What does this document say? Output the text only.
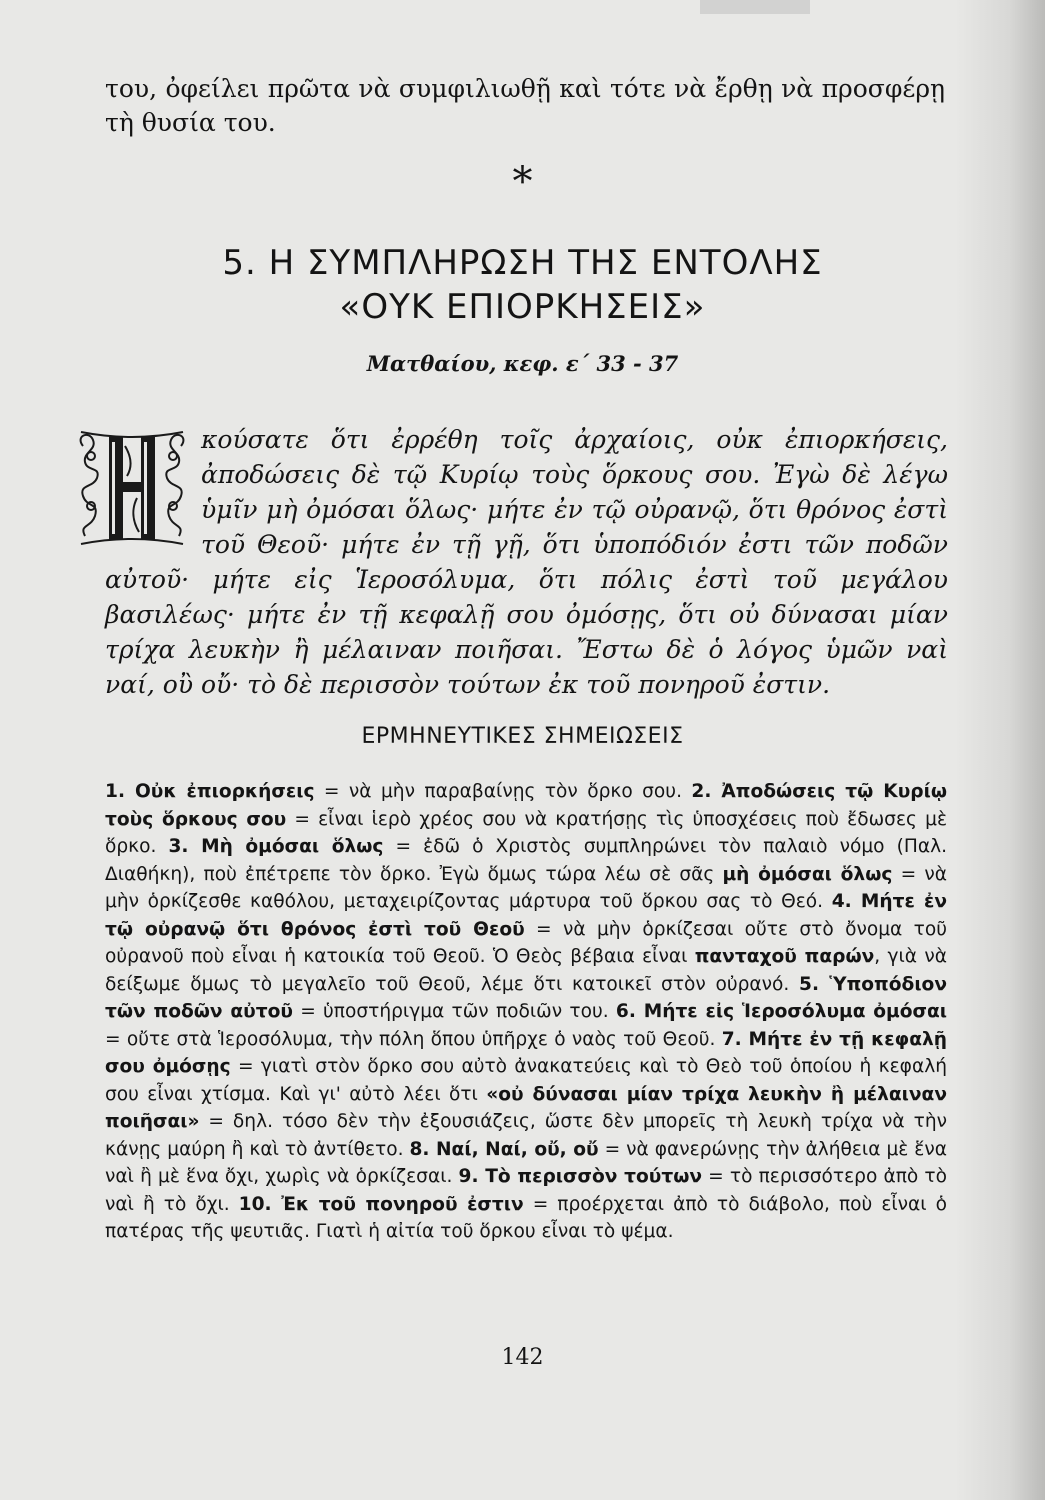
του, ὀφείλει πρῶτα νὰ συμφιλιωθῇ καὶ τότε νὰ ἔρθῃ νὰ προσφέρῃ τὴ θυσία του.

*
5. Η ΣΥΜΠΛΗΡΩΣΗ ΤΗΣ ΕΝΤΟΛΗΣ
«ΟΥΚ ΕΠΙΟΡΚΗΣΕΙΣ»
Ματθαίου, κεφ. ε΄ 33 - 37
Η
κούσατε ὅτι ἐρρέθη τοῖς ἀρχαίοις, οὐκ ἐπιορκήσεις, ἀποδώσεις δὲ τῷ Κυρίῳ τοὺς ὅρκους σου. Ἐγὼ δὲ λέγω ὑμῖν μὴ ὀμόσαι ὅλως· μήτε ἐν τῷ οὐρανῷ, ὅτι θρόνος ἐστὶ τοῦ Θεοῦ· μήτε ἐν τῇ γῇ, ὅτι ὑποπόδιόν ἐστι τῶν ποδῶν αὐτοῦ· μήτε εἰς Ἱεροσόλυμα, ὅτι πόλις ἐστὶ τοῦ μεγάλου βασιλέως· μήτε ἐν τῇ κεφαλῇ σου ὀμόσῃς, ὅτι οὐ δύνασαι μίαν τρίχα λευκὴν ἢ μέλαιναν ποιῆσαι. Ἔστω δὲ ὁ λόγος ὑμῶν ναὶ ναί, οὒ οὔ· τὸ δὲ περισσὸν τούτων ἐκ τοῦ πονηροῦ ἐστιν.
ΕΡΜΗΝΕΥΤΙΚΕΣ ΣΗΜΕΙΩΣΕΙΣ
1. Οὐκ ἐπιορκήσεις = νὰ μὴν παραβαίνῃς τὸν ὅρκο σου. 2. Ἀποδώσεις τῷ Κυρίῳ τοὺς ὅρκους σου = εἶναι ἱερὸ χρέος σου νὰ κρατήσῃς τὶς ὑποσχέσεις ποὺ ἔδωσες μὲ ὅρκο. 3. Μὴ ὀμόσαι ὅλως = ἐδῶ ὁ Χριστὸς συμπληρώνει τὸν παλαιὸ νόμο (Παλ. Διαθήκη), ποὺ ἐπέτρεπε τὸν ὅρκο. Ἐγὼ ὅμως τώρα λέω σὲ σᾶς μὴ ὀμόσαι ὅλως = νὰ μὴν ὁρκίζεσθε καθόλου, μεταχειρίζοντας μάρτυρα τοῦ ὅρκου σας τὸ Θεό. 4. Μήτε ἐν τῷ οὐρανῷ ὅτι θρόνος ἐστὶ τοῦ Θεοῦ = νὰ μὴν ὁρκίζεσαι οὔτε στὸ ὄνομα τοῦ οὐρανοῦ ποὺ εἶναι ἡ κατοικία τοῦ Θεοῦ. Ὁ Θεὸς βέβαια εἶναι πανταχοῦ παρών, γιὰ νὰ δείξωμε ὅμως τὸ μεγαλεῖο τοῦ Θεοῦ, λέμε ὅτι κατοικεῖ στὸν οὐρανό. 5. Ὑποπόδιον τῶν ποδῶν αὐτοῦ = ὑποστήριγμα τῶν ποδιῶν του. 6. Μήτε εἰς Ἱεροσόλυμα ὀμόσαι = οὔτε στὰ Ἱεροσόλυμα, τὴν πόλη ὅπου ὑπῆρχε ὁ ναὸς τοῦ Θεοῦ. 7. Μήτε ἐν τῇ κεφαλῇ σου ὀμόσῃς = γιατὶ στὸν ὅρκο σου αὐτὸ ἀνακατεύεις καὶ τὸ Θεὸ τοῦ ὁποίου ἡ κεφαλή σου εἶναι χτίσμα. Καὶ γι' αὐτὸ λέει ὅτι «οὐ δύνασαι μίαν τρίχα λευκὴν ἢ μέλαιναν ποιῆσαι» = δηλ. τόσο δὲν τὴν ἐξουσιάζεις, ὥστε δὲν μπορεῖς τὴ λευκὴ τρίχα νὰ τὴν κάνῃς μαύρη ἢ καὶ τὸ ἀντίθετο. 8. Ναί, Ναί, οὔ, οὔ = νὰ φανερώνῃς τὴν ἀλήθεια μὲ ἕνα ναὶ ἢ μὲ ἕνα ὄχι, χωρὶς νὰ ὁρκίζεσαι. 9. Τὸ περισσὸν τούτων = τὸ περισσότερο ἀπὸ τὸ ναὶ ἢ τὸ ὄχι. 10. Ἐκ τοῦ πονηροῦ ἐστιν = προέρχεται ἀπὸ τὸ διάβολο, ποὺ εἶναι ὁ πατέρας τῆς ψευτιᾶς. Γιατὶ ἡ αἰτία τοῦ ὅρκου εἶναι τὸ ψέμα.
142
